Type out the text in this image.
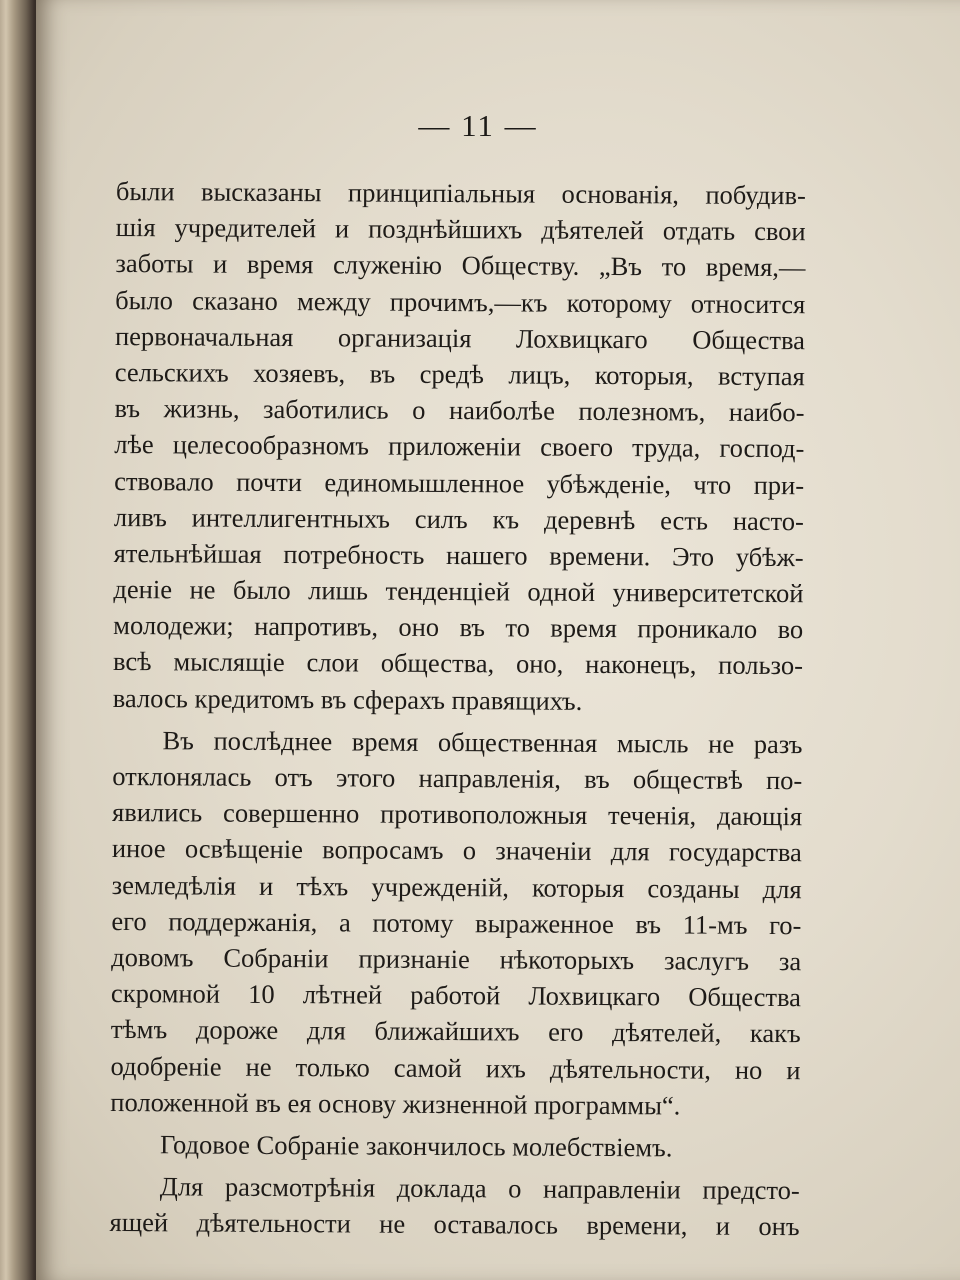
— 11 —
были высказаны принципіальныя основанія, побудив-
шія учредителей и позднѣйшихъ дѣятелей отдать свои
заботы и время служенію Обществу. „Въ то время,—
было сказано между прочимъ,—къ которому относится
первоначальная организація Лохвицкаго Общества
сельскихъ хозяевъ, въ средѣ лицъ, которыя, вступая
въ жизнь, заботились о наиболѣе полезномъ, наибо-
лѣе целесообразномъ приложеніи своего труда, господ-
ствовало почти единомышленное убѣжденіе, что при-
ливъ интеллигентныхъ силъ къ деревнѣ есть насто-
ятельнѣйшая потребность нашего времени. Это убѣж-
деніе не было лишь тенденціей одной университетской
молодежи; напротивъ, оно въ то время проникало во
всѣ мыслящіе слои общества, оно, наконецъ, пользо-
валось кредитомъ въ сферахъ правящихъ.
Въ послѣднее время общественная мысль не разъ
отклонялась отъ этого направленія, въ обществѣ по-
явились совершенно противоположныя теченія, дающія
иное освѣщеніе вопросамъ о значеніи для государства
земледѣлія и тѣхъ учрежденій, которыя созданы для
его поддержанія, а потому выраженное въ 11-мъ го-
довомъ Собраніи признаніе нѣкоторыхъ заслугъ за
скромной 10 лѣтней работой Лохвицкаго Общества
тѣмъ дороже для ближайшихъ его дѣятелей, какъ
одобреніе не только самой ихъ дѣятельности, но и
положенной въ ея основу жизненной программы“.
Годовое Собраніе закончилось молебствіемъ.
Для разсмотрѣнія доклада о направленіи предсто-
ящей дѣятельности не оставалось времени, и онъ
